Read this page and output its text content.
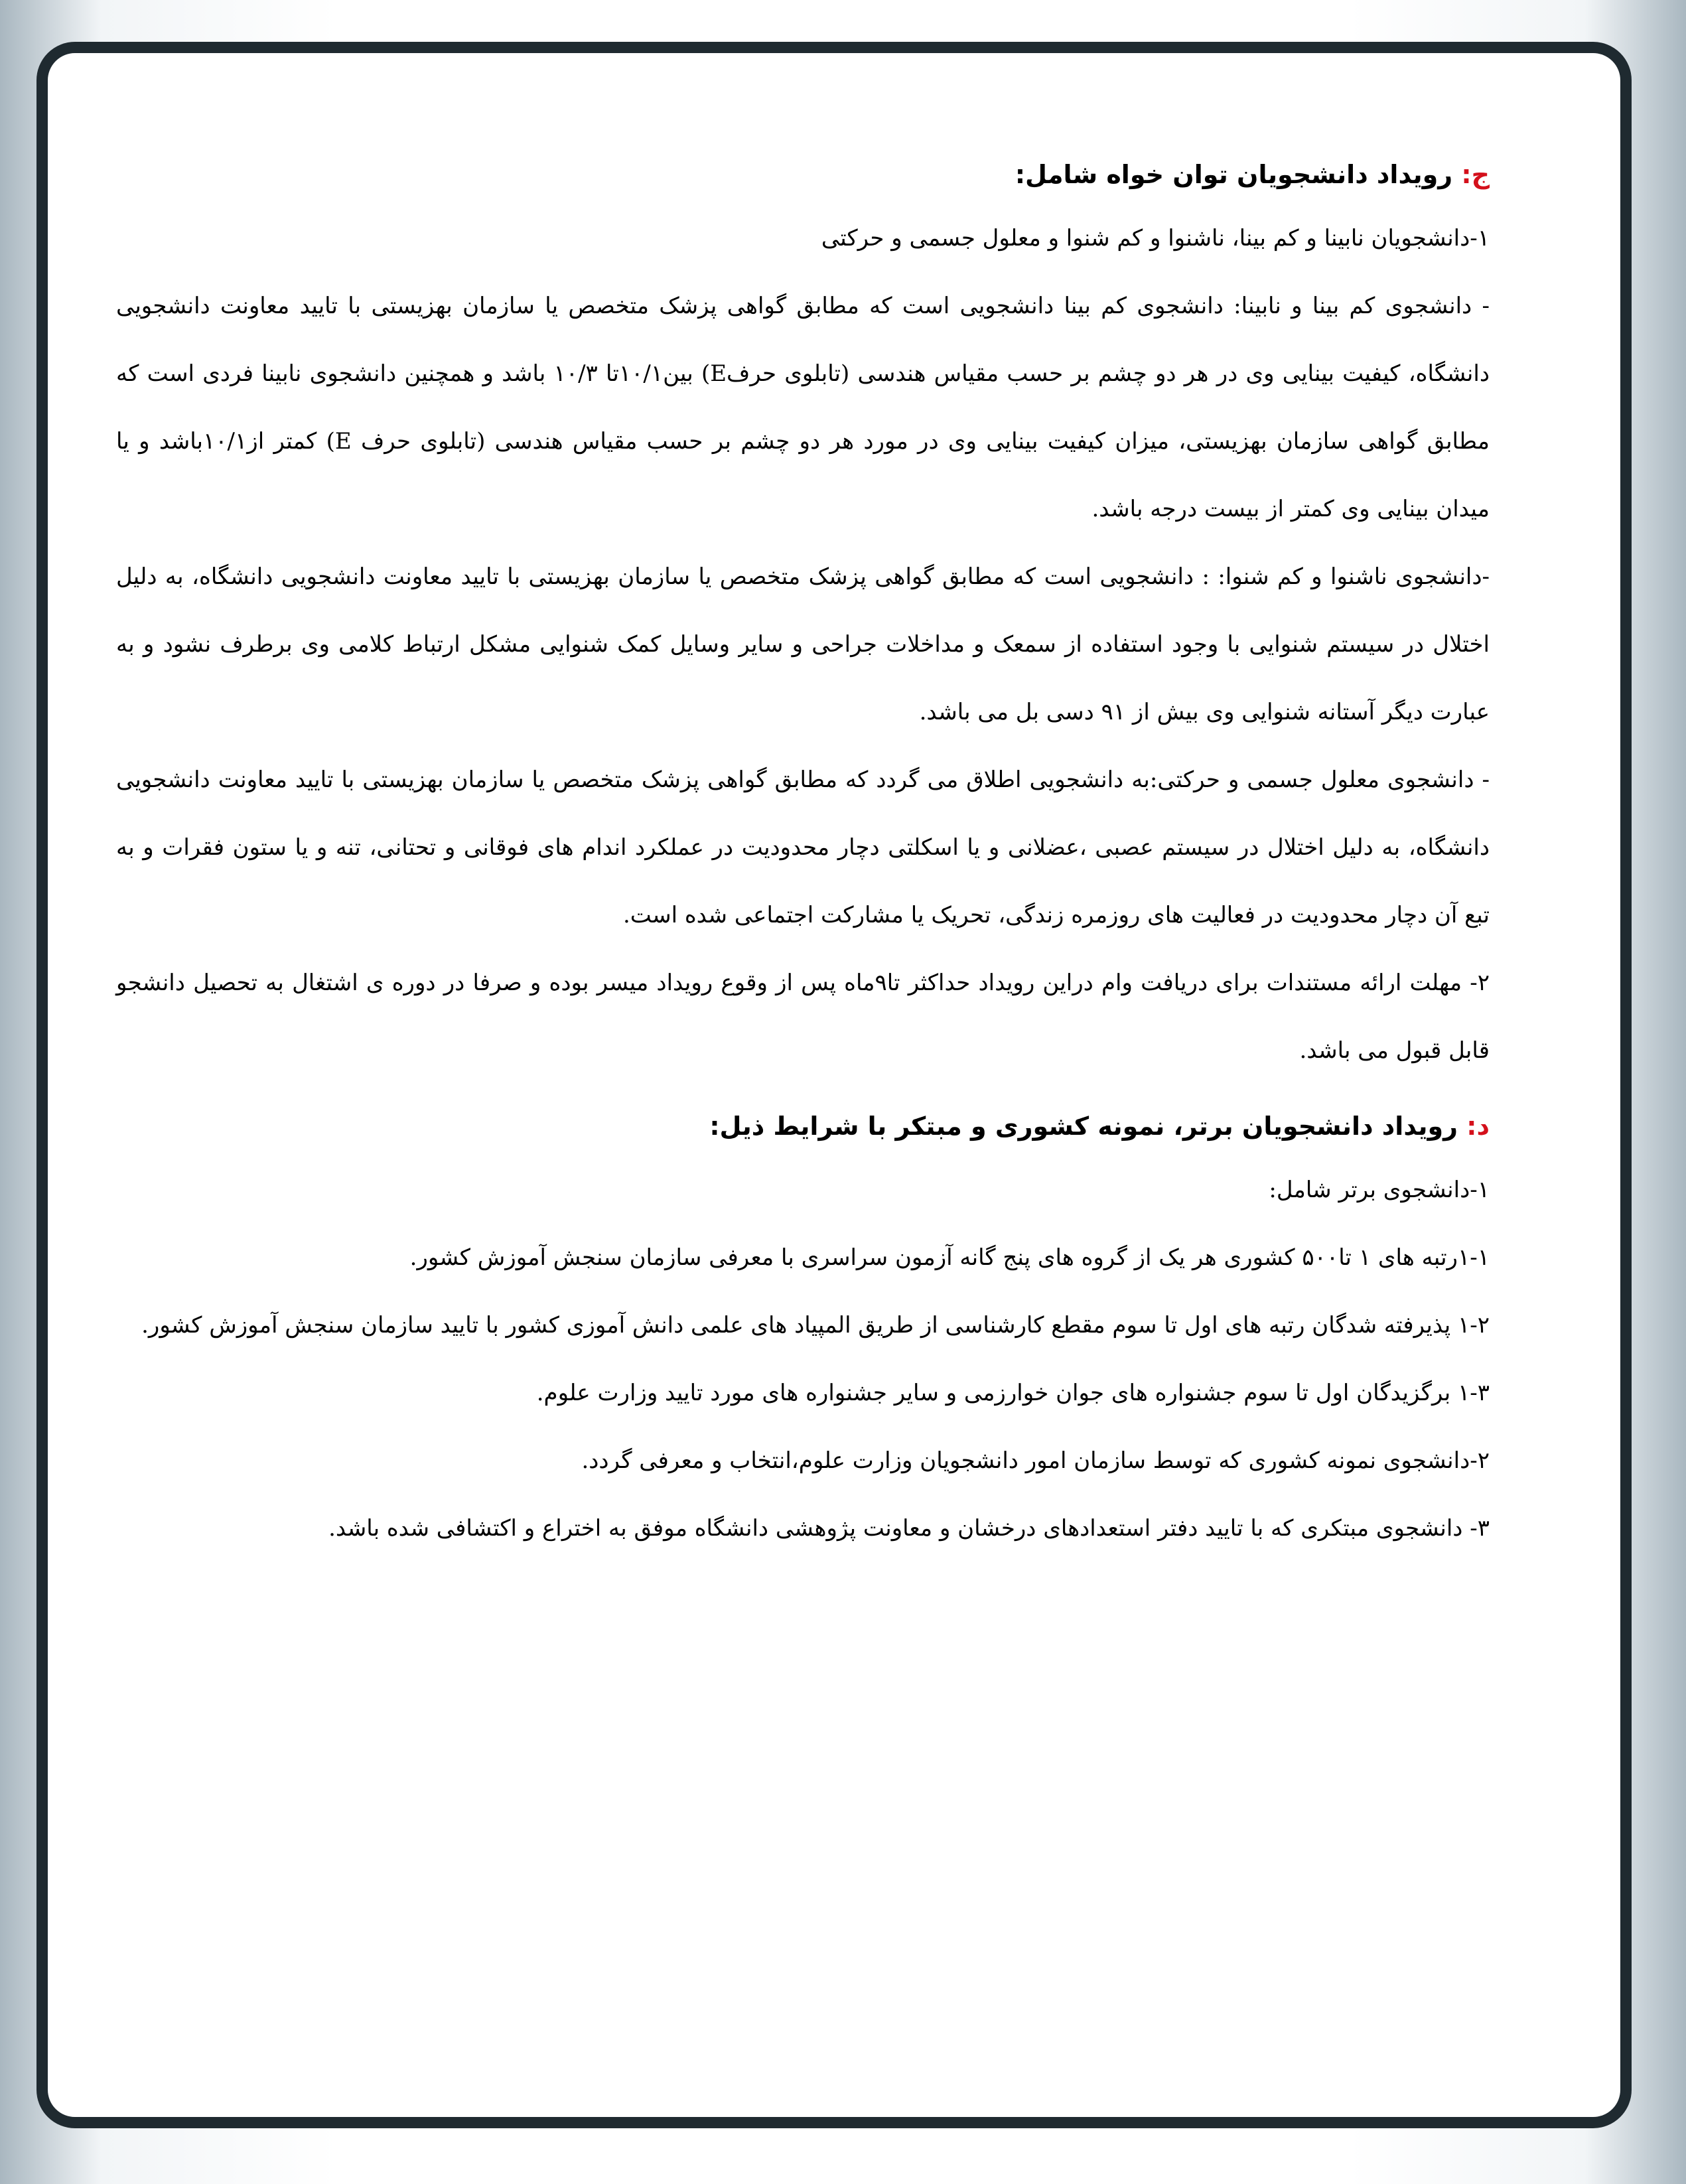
ج: رویداد دانشجویان توان خواه شامل:

۱-دانشجویان نابینا و کم بینا، ناشنوا و کم شنوا و معلول جسمی و حرکتی

- دانشجوی کم بینا و نابینا: دانشجوی کم بینا دانشجویی است که مطابق گواهی پزشک متخصص یا سازمان بهزیستی با تایید معاونت دانشجویی دانشگاه، کیفیت بینایی وی در هر دو چشم بر حسب مقیاس هندسی (تابلوی حرفE) بین۱۰/۱تا ۱۰/۳ باشد و همچنین دانشجوی نابینا فردی است که مطابق گواهی سازمان بهزیستی، میزان کیفیت بینایی وی در مورد هر دو چشم بر حسب مقیاس هندسی (تابلوی حرف E) کمتر از۱۰/۱باشد و یا میدان بینایی وی کمتر از بیست درجه باشد.

-دانشجوی ناشنوا و کم شنوا: : دانشجویی است که مطابق گواهی پزشک متخصص یا سازمان بهزیستی با تایید معاونت دانشجویی دانشگاه، به دلیل اختلال در سیستم شنوایی با وجود استفاده از سمعک و مداخلات جراحی و سایر وسایل کمک شنوایی مشکل ارتباط کلامی وی برطرف نشود و به عبارت دیگر آستانه شنوایی وی بیش از ۹۱ دسی بل می باشد.

- دانشجوی معلول جسمی و حرکتی:به دانشجویی اطلاق می گردد که مطابق گواهی پزشک متخصص یا سازمان بهزیستی با تایید معاونت دانشجویی دانشگاه، به دلیل اختلال در سیستم عصبی ،عضلانی و یا اسکلتی دچار محدودیت در عملکرد اندام های فوقانی و تحتانی، تنه و یا ستون فقرات و به تبع آن دچار محدودیت در فعالیت های روزمره زندگی، تحریک یا مشارکت اجتماعی شده است.

۲- مهلت ارائه مستندات برای دریافت وام دراین رویداد حداکثر تا۹ماه پس از وقوع رویداد میسر بوده و صرفا در دوره ی اشتغال به تحصیل دانشجو قابل قبول می باشد.

د: رویداد دانشجویان برتر، نمونه کشوری و مبتکر با شرایط ذیل:

۱-دانشجوی برتر شامل:

۱-۱رتبه های ۱ تا۵۰۰ کشوری هر یک از گروه های پنج گانه آزمون سراسری با معرفی سازمان سنجش آموزش کشور.

۱-۲ پذیرفته شدگان رتبه های اول تا سوم مقطع کارشناسی از طریق المپیاد های علمی دانش آموزی کشور با تایید سازمان سنجش آموزش کشور.

۱-۳ برگزیدگان اول تا سوم جشنواره های جوان خوارزمی و سایر جشنواره های مورد تایید وزارت علوم.

۲-دانشجوی نمونه کشوری که توسط سازمان امور دانشجویان وزارت علوم،انتخاب و معرفی گردد.

۳- دانشجوی مبتکری که با تایید دفتر استعدادهای درخشان و معاونت پژوهشی دانشگاه موفق به اختراع و اکتشافی شده باشد.
